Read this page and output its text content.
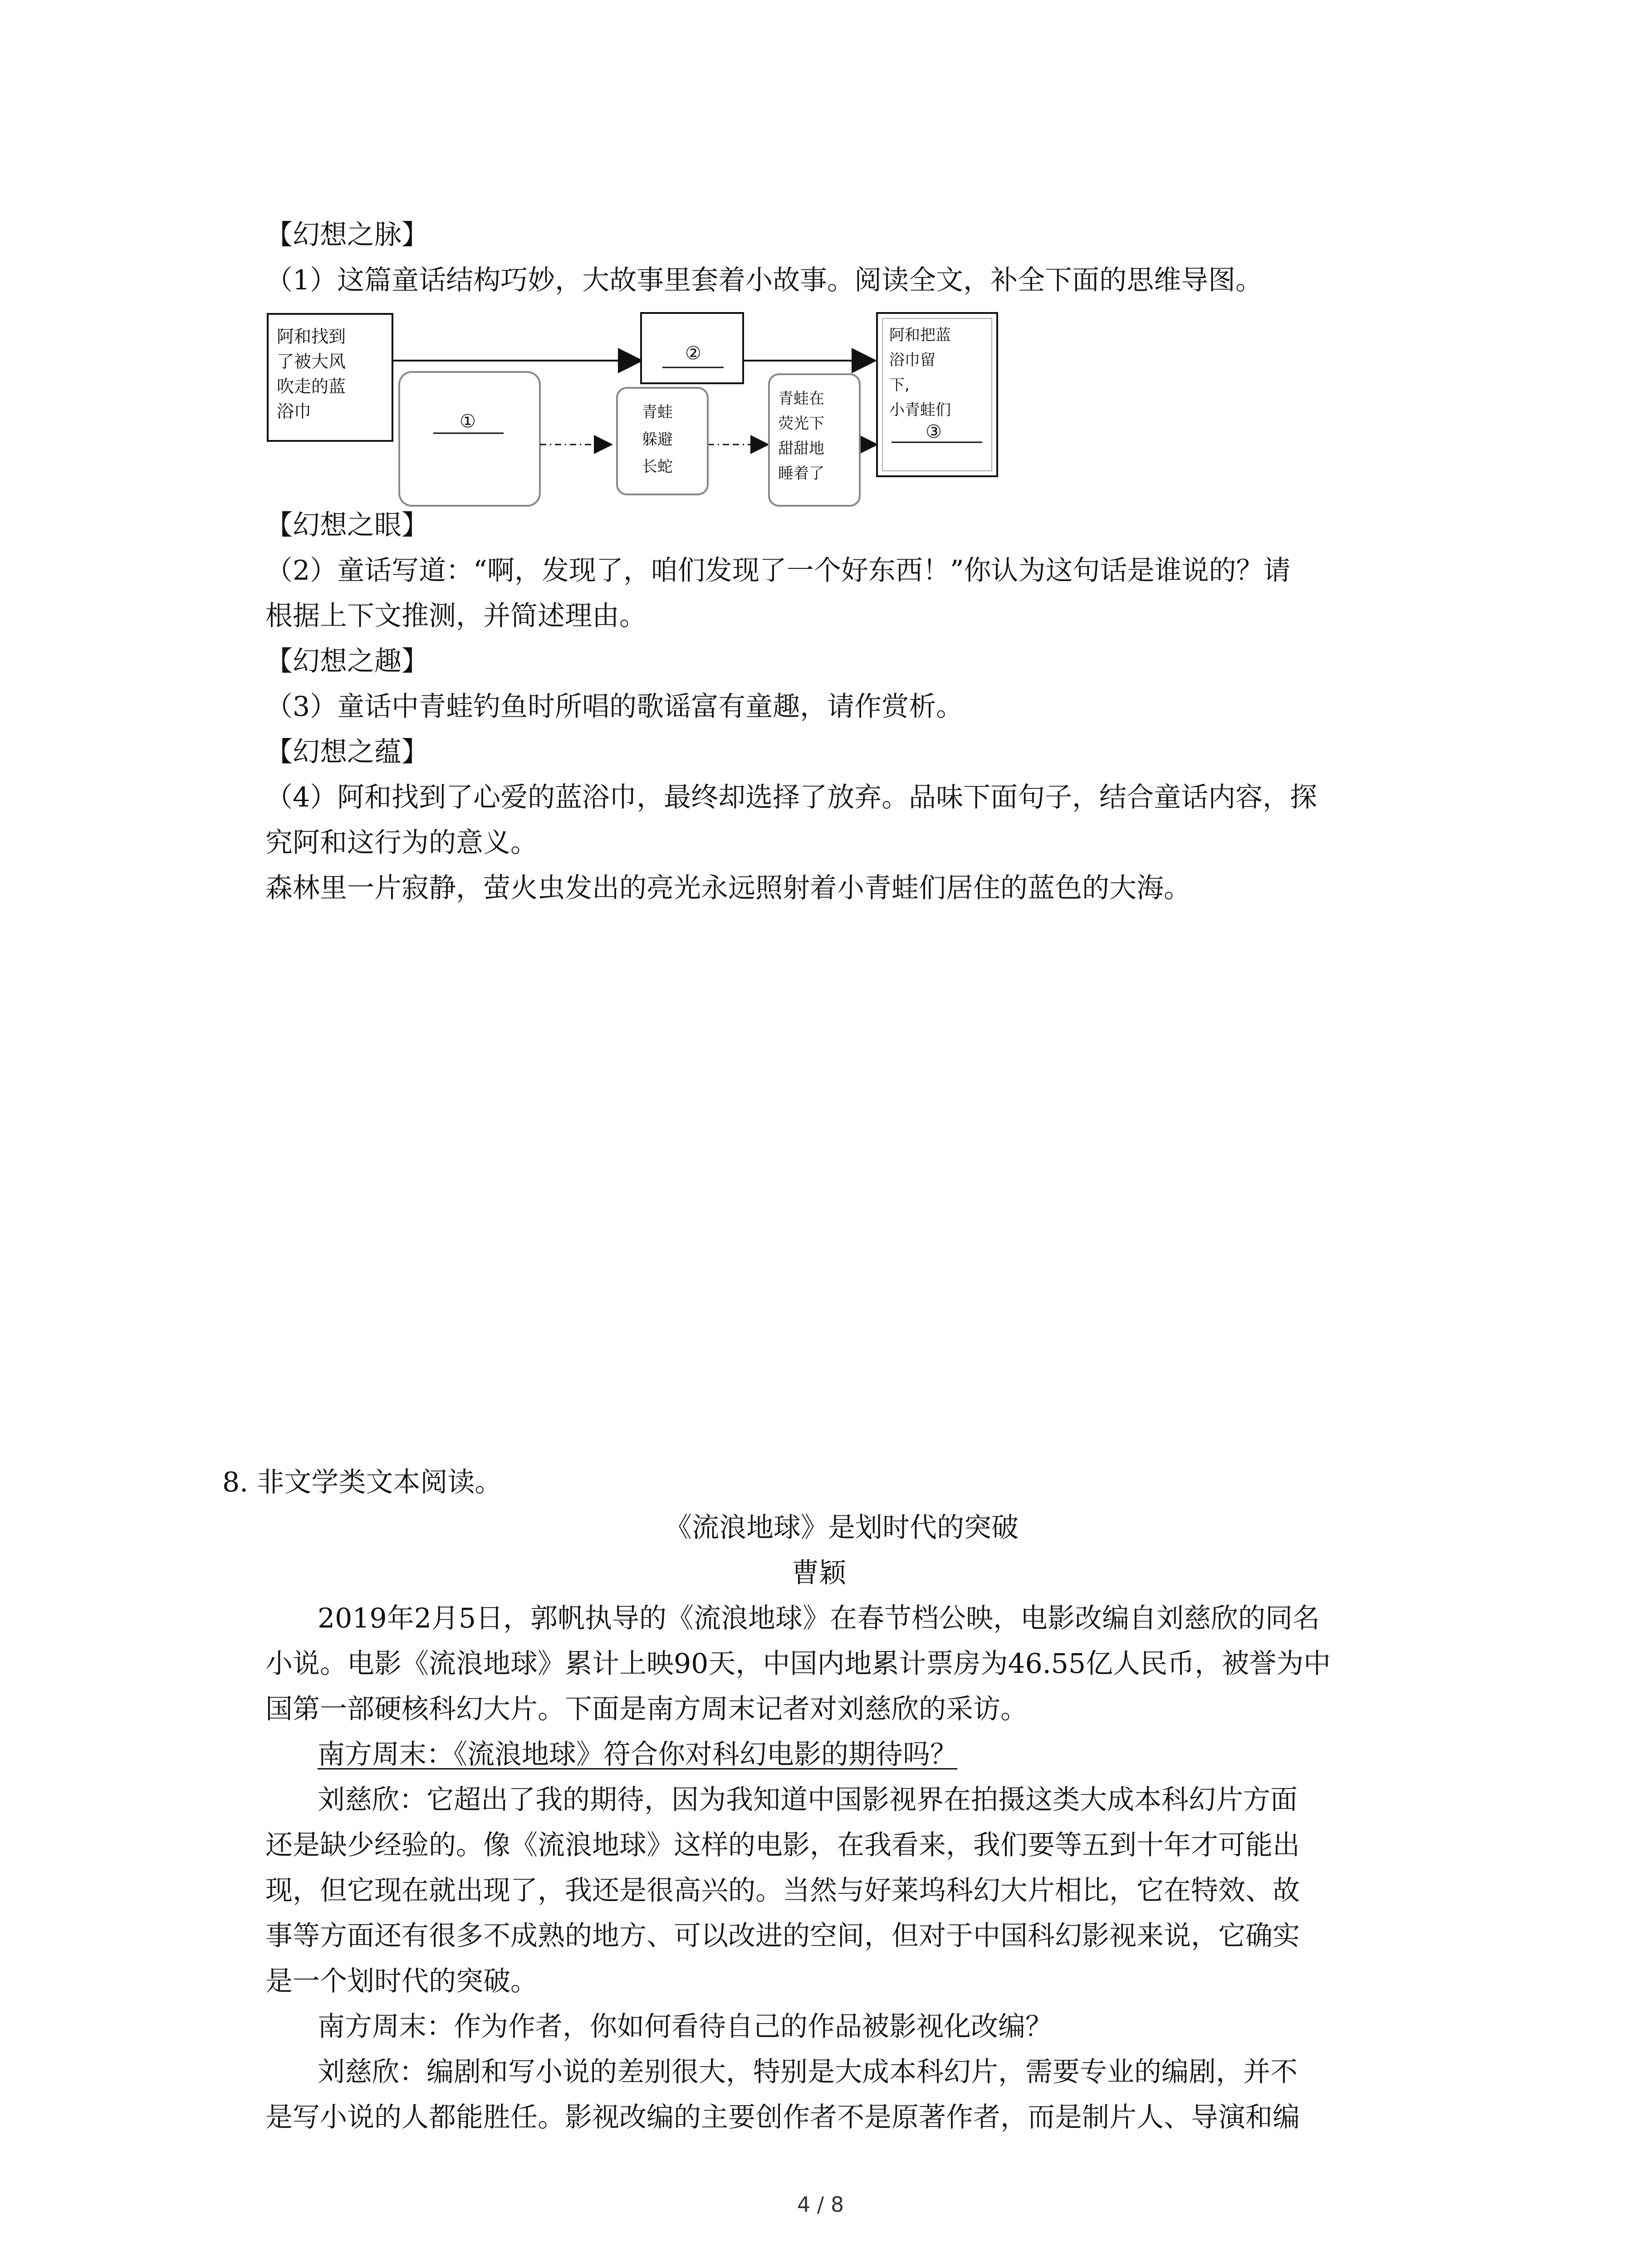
【幻想之脉】

（1）这篇童话结构巧妙，大故事里套着小故事。阅读全文，补全下面的思维导图。

阿和找到
了被大风
吹走的蓝
浴巾	①	青蛙
躲避
长蛇
②
青蛙在
荧光下
甜甜地
睡着了
阿和把蓝
浴巾留
下,
小青蛙们
③

【幻想之眼】

（2）童话写道：“啊，发现了，咱们发现了一个好东西！”你认为这句话是谁说的？请

根据上下文推测，并简述理由。

【幻想之趣】

（3）童话中青蛙钓鱼时所唱的歌谣富有童趣，请作赏析。

【幻想之蕴】

（4）阿和找到了心爱的蓝浴巾，最终却选择了放弃。品味下面句子，结合童话内容，探

究阿和这行为的意义。

森林里一片寂静，萤火虫发出的亮光永远照射着小青蛙们居住的蓝色的大海。

8. 非文学类文本阅读。

《流浪地球》是划时代的突破

曹颖

2019年2月5日，郭帆执导的《流浪地球》在春节档公映，电影改编自刘慈欣的同名

小说。电影《流浪地球》累计上映90天，中国内地累计票房为46.55亿人民币，被誉为中

国第一部硬核科幻大片。下面是南方周末记者对刘慈欣的采访。

南方周末：《流浪地球》符合你对科幻电影的期待吗？

刘慈欣：它超出了我的期待，因为我知道中国影视界在拍摄这类大成本科幻片方面

还是缺少经验的。像《流浪地球》这样的电影，在我看来，我们要等五到十年才可能出

现，但它现在就出现了，我还是很高兴的。当然与好莱坞科幻大片相比，它在特效、故

事等方面还有很多不成熟的地方、可以改进的空间，但对于中国科幻影视来说，它确实

是一个划时代的突破。

南方周末：作为作者，你如何看待自己的作品被影视化改编？

刘慈欣：编剧和写小说的差别很大，特别是大成本科幻片，需要专业的编剧，并不

是写小说的人都能胜任。影视改编的主要创作者不是原著作者，而是制片人、导演和编

4 / 8
